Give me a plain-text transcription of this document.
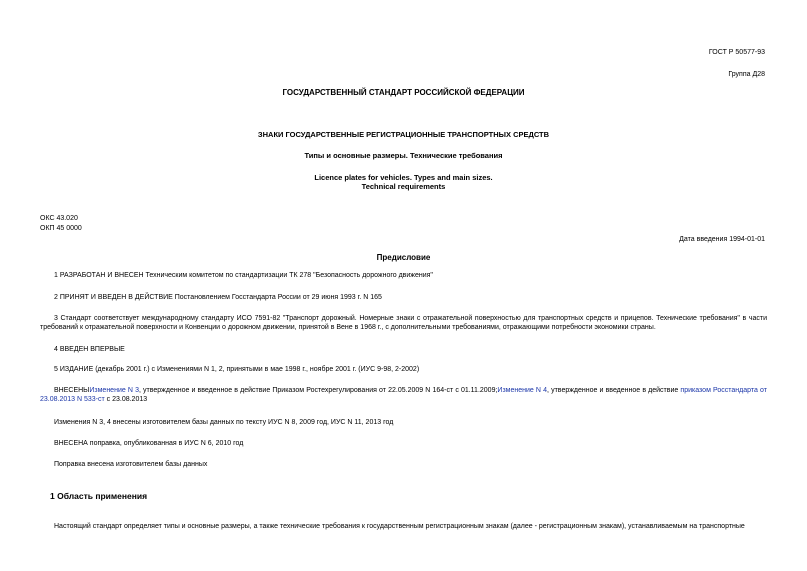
ГОСТ Р 50577-93
Группа Д28
ГОСУДАРСТВЕННЫЙ СТАНДАРТ РОССИЙСКОЙ ФЕДЕРАЦИИ
ЗНАКИ ГОСУДАРСТВЕННЫЕ РЕГИСТРАЦИОННЫЕ ТРАНСПОРТНЫХ СРЕДСТВ
Типы и основные размеры. Технические требования
Licence plates for vehicles. Types and main sizes.
Technical requirements
ОКС 43.020
ОКП 45 0000
Дата введения 1994-01-01
Предисловие
1 РАЗРАБОТАН И ВНЕСЕН Техническим комитетом по стандартизации ТК 278 "Безопасность дорожного движения"
2 ПРИНЯТ И ВВЕДЕН В ДЕЙСТВИЕ Постановлением Госстандарта России от 29 июня 1993 г. N 165
3 Стандарт соответствует международному стандарту ИСО 7591-82 "Транспорт дорожный. Номерные знаки с отражательной поверхностью для транспортных средств и прицепов. Технические требования" в части требований к отражательной поверхности и Конвенции о дорожном движении, принятой в Вене в 1968 г., с дополнительными требованиями, отражающими потребности экономики страны.
4 ВВЕДЕН ВПЕРВЫЕ
5 ИЗДАНИЕ (декабрь 2001 г.) с Изменениями N 1, 2, принятыми в мае 1998 г., ноябре 2001 г. (ИУС 9-98, 2-2002)
ВНЕСЕНЫИзменение N 3, утвержденное и введенное в действие Приказом Ростехрегулирования от 22.05.2009 N 164-ст с 01.11.2009;Изменение N 4, утвержденное и введенное в действие приказом Росстандарта от 23.08.2013 N 533-ст с 23.08.2013
Изменения N 3, 4 внесены изготовителем базы данных по тексту ИУС N 8, 2009 год, ИУС N 11, 2013 год
ВНЕСЕНА поправка, опубликованная в ИУС N 6, 2010 год
Поправка внесена изготовителем базы данных
1 Область применения
Настоящий стандарт определяет типы и основные размеры, а также технические требования к государственным регистрационным знакам (далее - регистрационным знакам), устанавливаемым на транспортные
